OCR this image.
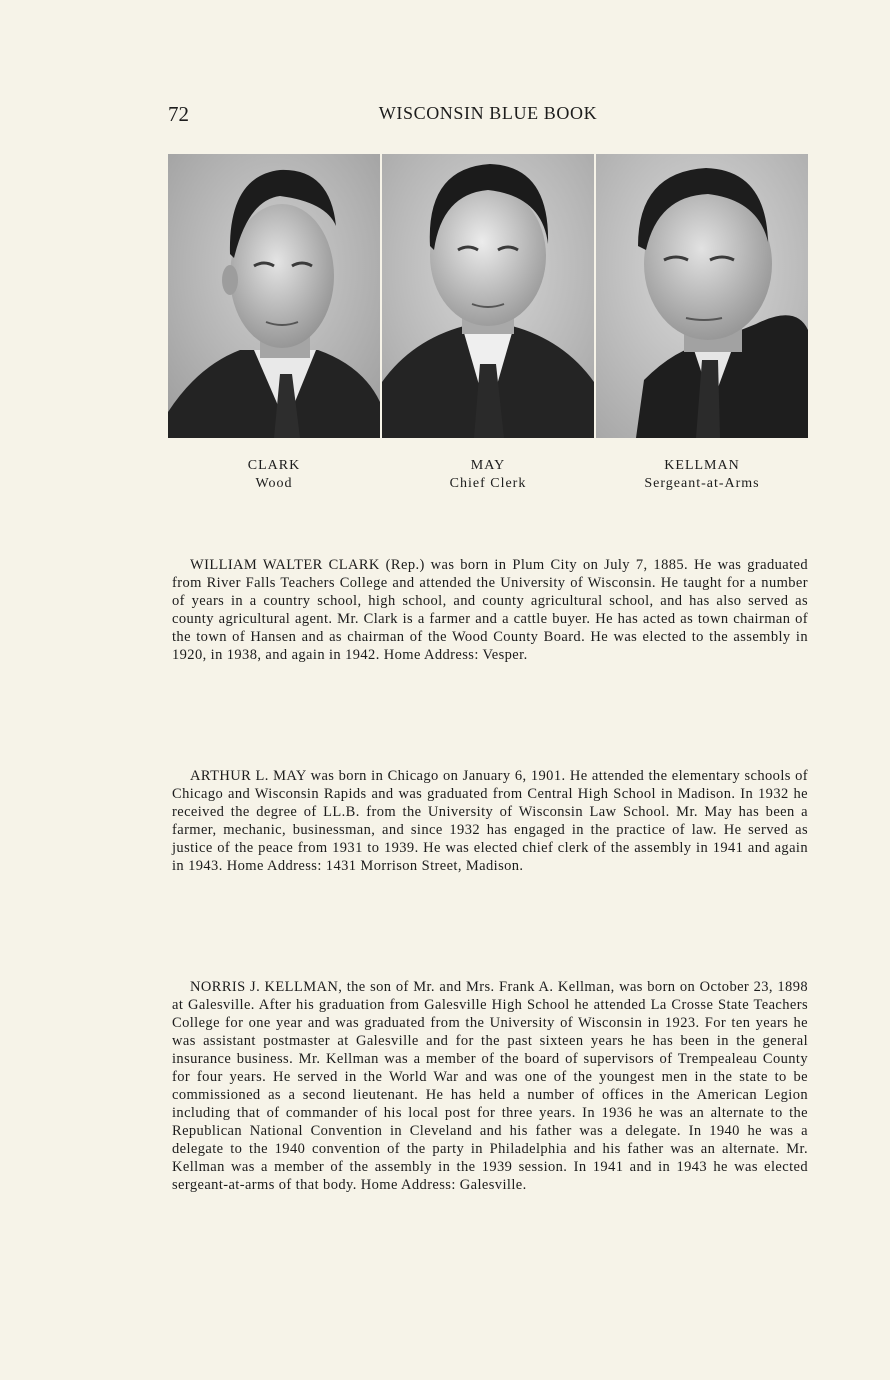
72	WISCONSIN BLUE BOOK
CLARK
Wood
MAY
Chief Clerk
KELLMAN
Sergeant-at-Arms

WILLIAM WALTER CLARK (Rep.) was born in Plum City on July 7, 1885. He was graduated from River Falls Teachers College and attended the University of Wisconsin. He taught for a number of years in a country school, high school, and county agricultural school, and has also served as county agricultural agent. Mr. Clark is a farmer and a cattle buyer. He has acted as town chairman of the town of Hansen and as chairman of the Wood County Board. He was elected to the assembly in 1920, in 1938, and again in 1942. Home Address: Vesper.

ARTHUR L. MAY was born in Chicago on January 6, 1901. He attended the elementary schools of Chicago and Wisconsin Rapids and was graduated from Central High School in Madison. In 1932 he received the degree of LL.B. from the University of Wisconsin Law School. Mr. May has been a farmer, mechanic, businessman, and since 1932 has engaged in the practice of law. He served as justice of the peace from 1931 to 1939. He was elected chief clerk of the assembly in 1941 and again in 1943. Home Address: 1431 Morrison Street, Madison.

NORRIS J. KELLMAN, the son of Mr. and Mrs. Frank A. Kellman, was born on October 23, 1898 at Galesville. After his graduation from Galesville High School he attended La Crosse State Teachers College for one year and was graduated from the University of Wisconsin in 1923. For ten years he was assistant postmaster at Galesville and for the past sixteen years he has been in the general insurance business. Mr. Kellman was a member of the board of supervisors of Trempealeau County for four years. He served in the World War and was one of the youngest men in the state to be commissioned as a second lieutenant. He has held a number of offices in the American Legion including that of commander of his local post for three years. In 1936 he was an alternate to the Republican National Convention in Cleveland and his father was a delegate. In 1940 he was a delegate to the 1940 convention of the party in Philadelphia and his father was an alternate. Mr. Kellman was a member of the assembly in the 1939 session. In 1941 and in 1943 he was elected sergeant-at-arms of that body. Home Address: Galesville.
